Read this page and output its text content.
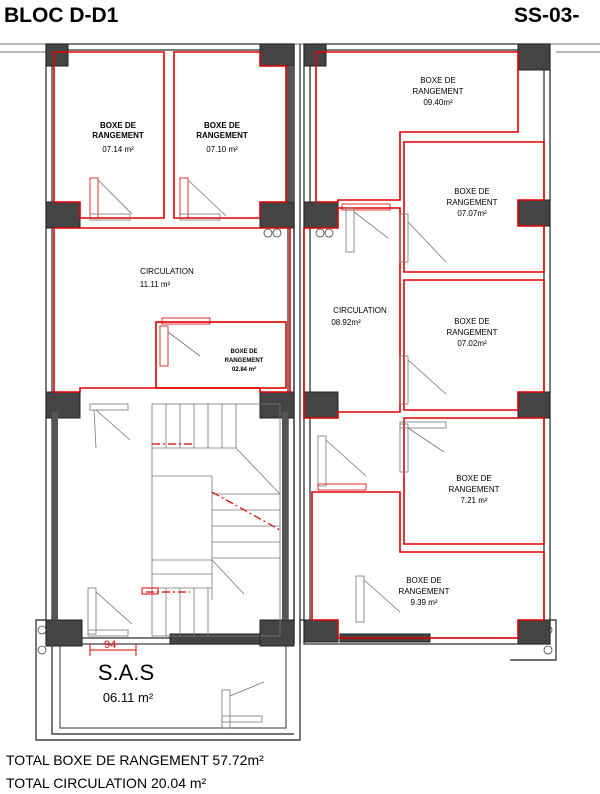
BLOC D-D1	SS-03-
94
BOXE DE
RANGEMENT
07.14 m²
BOXE DE
RANGEMENT
07.10 m²
BOXE DE
RANGEMENT
09.40m²
BOXE DE
RANGEMENT
07.07m²
BOXE DE
RANGEMENT
07.02m²
BOXE DE
RANGEMENT
7.21 m²
BOXE DE
RANGEMENT
9.39 m²
BOXE DE
RANGEMENT
02.84 m²
CIRCULATION
11.11 m²
CIRCULATION
08.92m²
S.A.S
06.11 m²
TOTAL BOXE DE RANGEMENT 57.72m²
TOTAL CIRCULATION 20.04 m²
